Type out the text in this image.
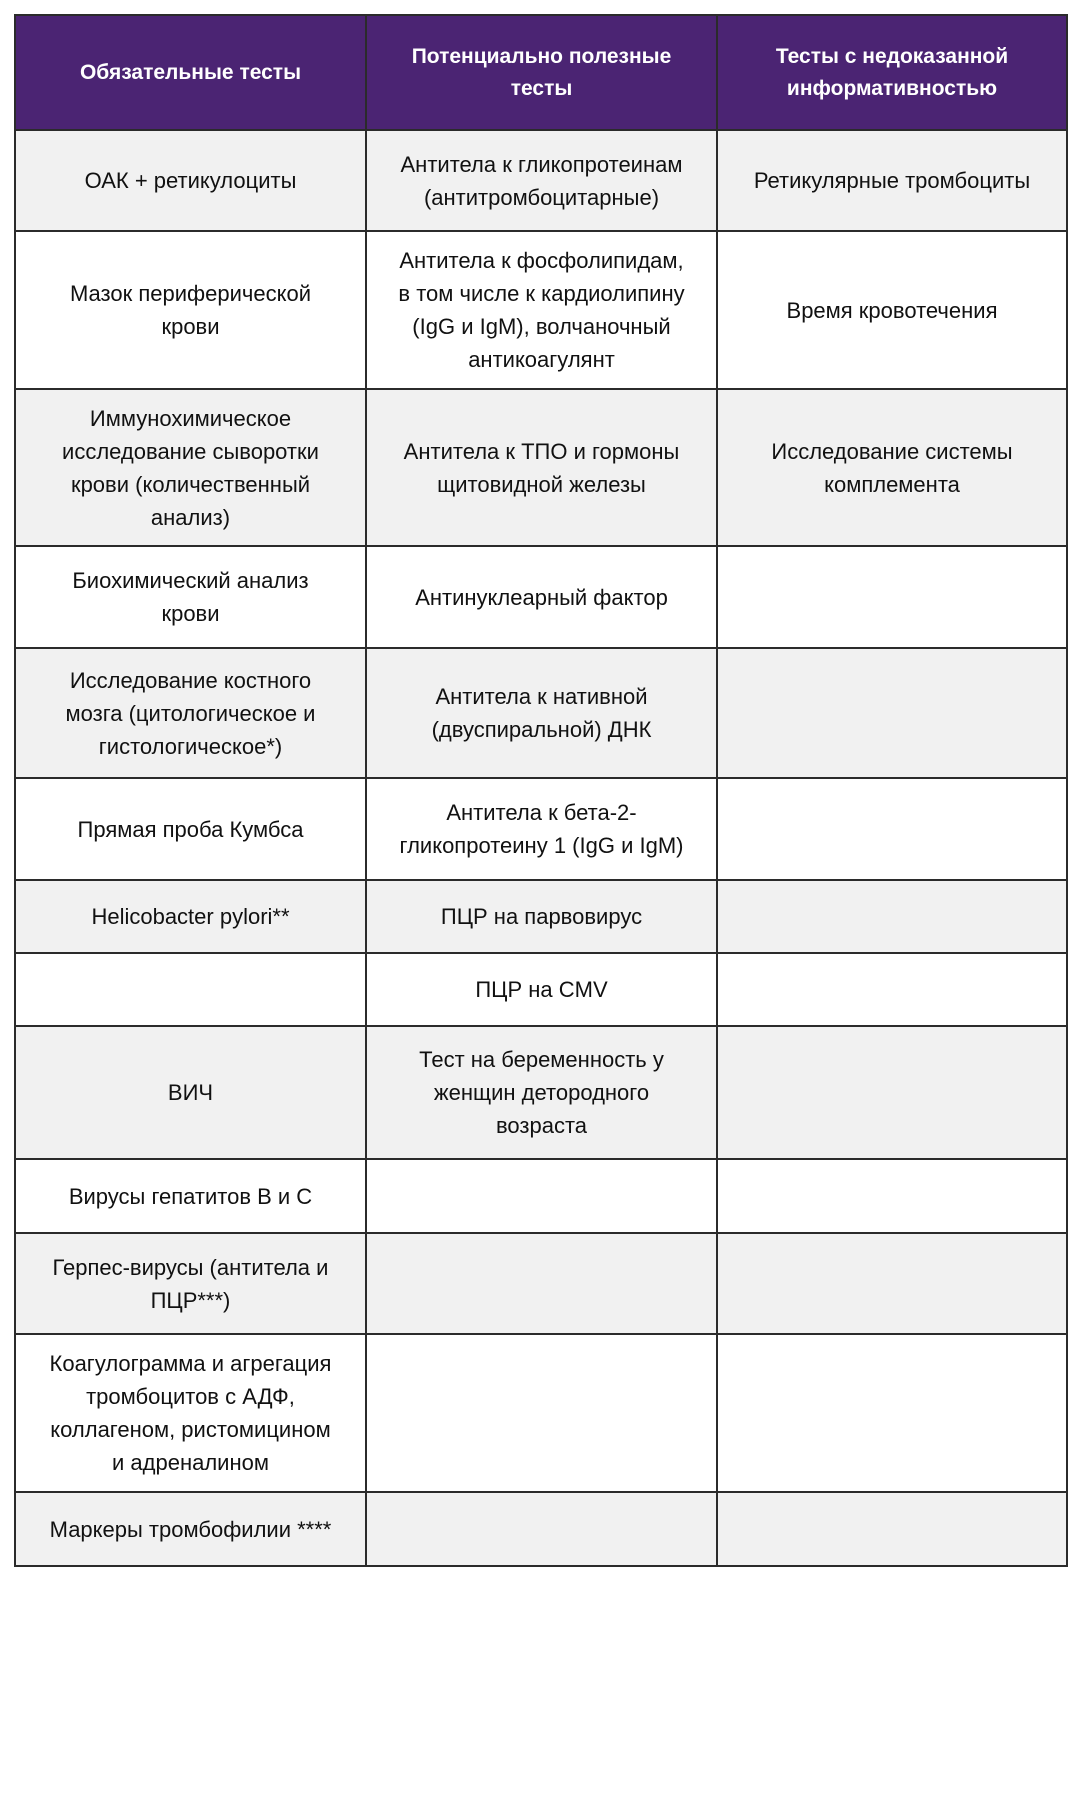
Обязательные тесты	Потенциально полезные тесты	Тесты с недоказанной информативностью
ОАК + ретикулоциты	Антитела к гликопротеинам (антитромбоцитарные)	Ретикулярные тромбоциты
Мазок периферической крови	Антитела к фосфолипидам, в том числе к кардиолипину (IgG и IgM), волчаночный антикоагулянт	Время кровотечения
Иммунохимическое исследование сыворотки крови (количественный анализ)	Антитела к ТПО и гормоны щитовидной железы	Исследование системы комплемента
Биохимический анализ крови	Антинуклеарный фактор	
Исследование костного мозга (цитологическое и гистологическое*)	Антитела к нативной (двуспиральной) ДНК	
Прямая проба Кумбса	Антитела к бета-2-гликопротеину 1 (IgG и IgM)	
Helicobacter pylori**	ПЦР на парвовирус	
	ПЦР на CMV	
ВИЧ	Тест на беременность у женщин детородного возраста	
Вирусы гепатитов В и С		
Герпес-вирусы (антитела и ПЦР***)		
Коагулограмма и агрегация тромбоцитов с АДФ, коллагеном, ристомицином и адреналином		
Маркеры тромбофилии ****		
